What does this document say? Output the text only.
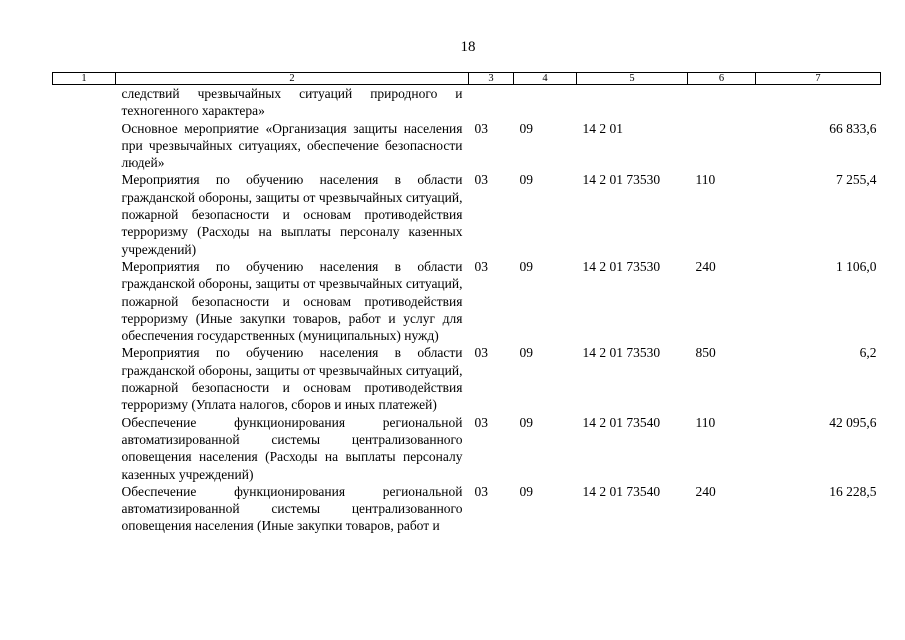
18
1	2	3	4	5	6	7
	следствий чрезвычайных ситуаций природного и техногенного характера»					
	Основное мероприятие «Организация защиты населения при чрезвычайных ситуациях, обеспечение безопасности людей»	03	09	14 2 01		66 833,6
	Мероприятия по обучению населения в области гражданской обороны, защиты от чрезвычайных ситуаций, пожарной безопасности и основам противодействия терроризму (Расходы на выплаты персоналу казенных учреждений)	03	09	14 2 01 73530	110	7 255,4
	Мероприятия по обучению населения в области гражданской обороны, защиты от чрезвычайных ситуаций, пожарной безопасности и основам противодействия терроризму (Иные закупки товаров, работ и услуг для обеспечения государственных (муниципальных) нужд)	03	09	14 2 01 73530	240	1 106,0
	Мероприятия по обучению населения в области гражданской обороны, защиты от чрезвычайных ситуаций, пожарной безопасности и основам противодействия терроризму (Уплата налогов, сборов и иных платежей)	03	09	14 2 01 73530	850	6,2
	Обеспечение функционирования региональной автоматизированной системы централизованного оповещения населения (Расходы на выплаты персоналу казенных учреждений)	03	09	14 2 01 73540	110	42 095,6
	Обеспечение функционирования региональной автоматизированной системы централизованного оповещения населения (Иные закупки товаров, работ и	03	09	14 2 01 73540	240	16 228,5
